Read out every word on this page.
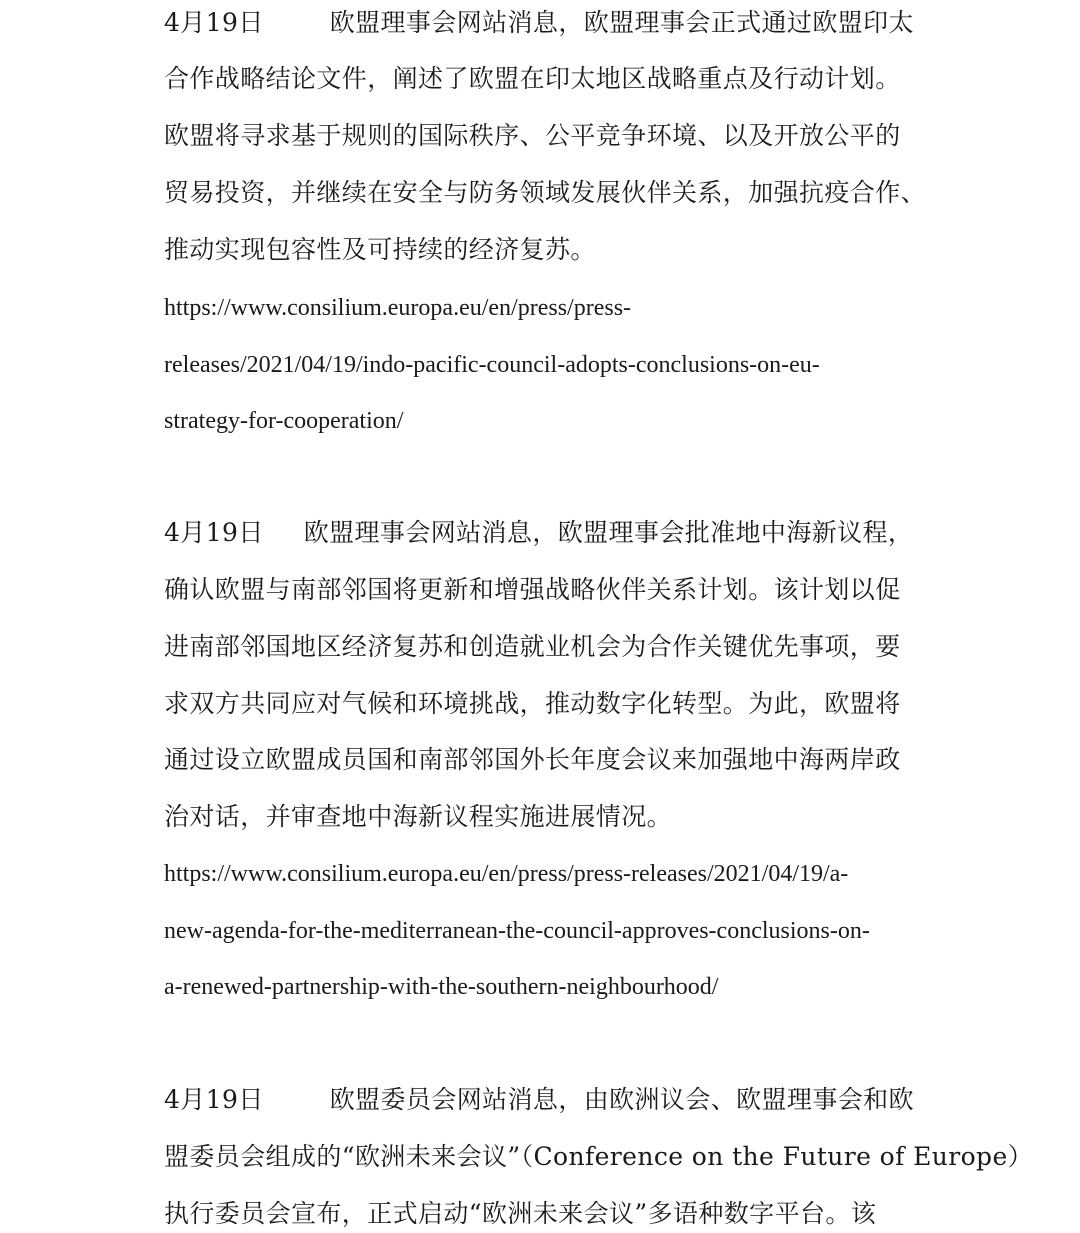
4月19日	欧盟理事会网站消息，欧盟理事会正式通过欧盟印太
合作战略结论文件，阐述了欧盟在印太地区战略重点及行动计划。
欧盟将寻求基于规则的国际秩序、公平竞争环境、以及开放公平的
贸易投资，并继续在安全与防务领域发展伙伴关系，加强抗疫合作、
推动实现包容性及可持续的经济复苏。
https://www.consilium.europa.eu/en/press/press-
releases/2021/04/19/indo-pacific-council-adopts-conclusions-on-eu-
strategy-for-cooperation/
4月19日 欧盟理事会网站消息，欧盟理事会批准地中海新议程，
确认欧盟与南部邻国将更新和增强战略伙伴关系计划。该计划以促
进南部邻国地区经济复苏和创造就业机会为合作关键优先事项，要
求双方共同应对气候和环境挑战，推动数字化转型。为此，欧盟将
通过设立欧盟成员国和南部邻国外长年度会议来加强地中海两岸政
治对话，并审查地中海新议程实施进展情况。
https://www.consilium.europa.eu/en/press/press-releases/2021/04/19/a-
new-agenda-for-the-mediterranean-the-council-approves-conclusions-on-
a-renewed-partnership-with-the-southern-neighbourhood/
4月19日	欧盟委员会网站消息，由欧洲议会、欧盟理事会和欧
盟委员会组成的“欧洲未来会议”（Conference on the Future of Europe）
执行委员会宣布，正式启动“欧洲未来会议”多语种数字平台。该
